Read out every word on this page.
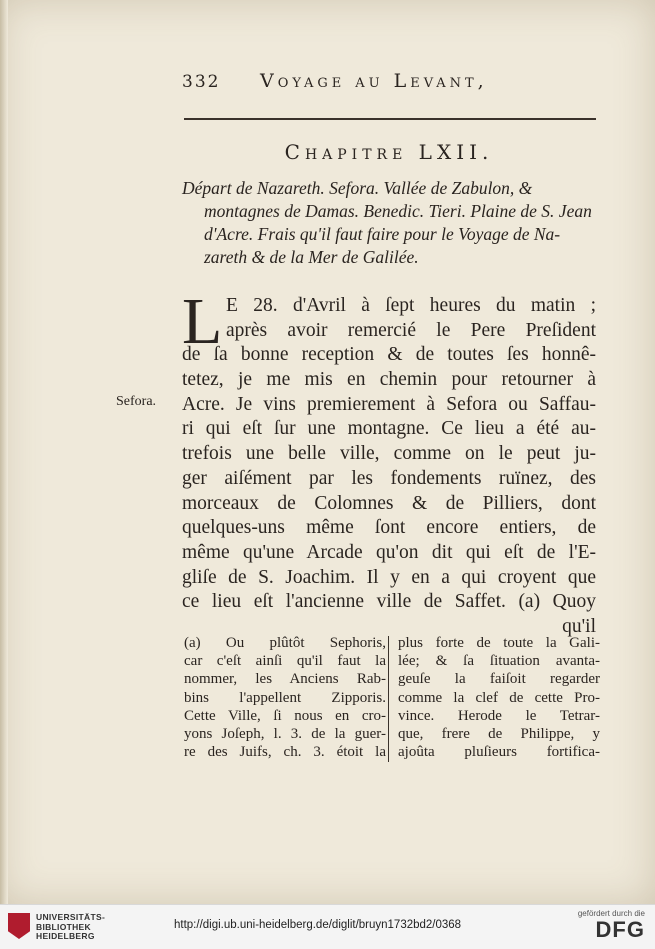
332 Voyage au Levant,
Chapitre LXII.
Départ de Nazareth. Sefora. Vallée de Zabulon, &
montagnes de Damas. Benedic. Tieri. Plaine de S. Jean
d'Acre. Frais qu'il faut faire pour le Voyage de Na-
zareth & de la Mer de Galilée.
L E 28. d'Avril à ſept heures du matin ;
après avoir remercié le Pere Preſident
de ſa bonne reception & de toutes ſes honnê-
tetez, je me mis en chemin pour retourner à
Acre. Je vins premierement à Sefora ou Saffau-
ri qui eſt ſur une montagne. Ce lieu a été au-
trefois une belle ville, comme on le peut ju-
ger aiſément par les fondements ruïnez, des
morceaux de Colomnes & de Pilliers, dont
quelques-uns même ſont encore entiers, de
même qu'une Arcade qu'on dit qui eſt de l'E-
gliſe de S. Joachim. Il y en a qui croyent que
ce lieu eſt l'ancienne ville de Saffet. (a) Quoy
qu'il
Sefora.
(a) Ou plûtôt Sephoris,
car c'eſt ainſi qu'il faut la
nommer, les Anciens Rab-
bins l'appellent Zipporis.
Cette Ville, ſi nous en cro-
yons Joſeph, l. 3. de la guer-
re des Juifs, ch. 3. étoit la
plus forte de toute la Gali-
lée; & ſa ſituation avanta-
geuſe la faiſoit regarder
comme la clef de cette Pro-
vince. Herode le Tetrar-
que, frere de Philippe, y
ajoûta pluſieurs fortifica-
UNIVERSITÄTS-
BIBLIOTHEK
HEIDELBERG
http://digi.ub.uni-heidelberg.de/diglit/bruyn1732bd2/0368
gefördert durch die
DFG
